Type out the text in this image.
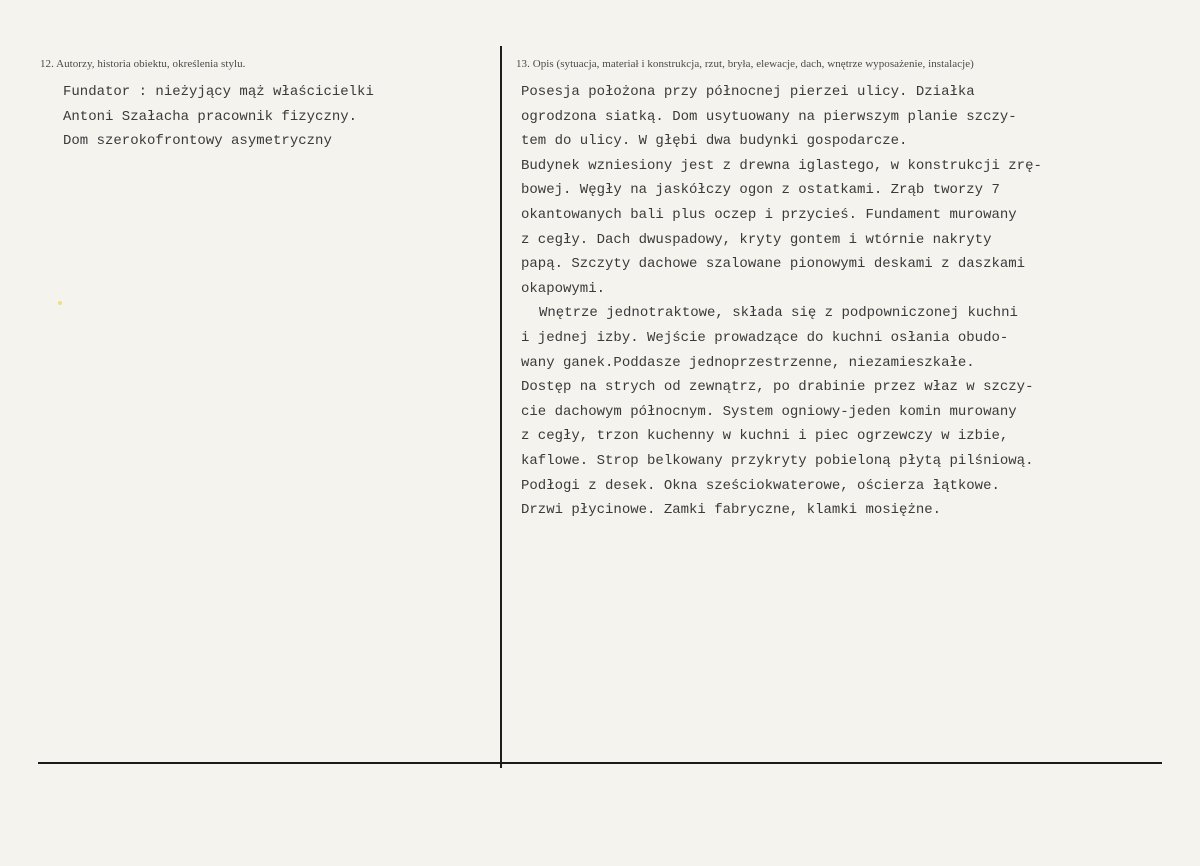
12. Autorzy, historia obiektu, określenia stylu.
Fundator : nieżyjący mąż właścicielki
Antoni Szałacha pracownik fizyczny.
Dom szerokofrontowy asymetryczny
13. Opis (sytuacja, materiał i konstrukcja, rzut, bryła, elewacje, dach, wnętrze wyposażenie, instalacje)
Posesja położona przy północnej pierzei ulicy. Działka
ogrodzona siatką. Dom usytuowany na pierwszym planie szczy-
tem do ulicy. W głębi dwa budynki gospodarcze.
Budynek wzniesiony jest z drewna iglastego, w konstrukcji zrę-
bowej. Węgły na jaskółczy ogon z ostatkami. Zrąb tworzy 7
okantowanych bali plus oczep i przycieś. Fundament murowany
z cegły. Dach dwuspadowy, kryty gontem i wtórnie nakryty
papą. Szczyty dachowe szalowane pionowymi deskami z daszkami
okapowymi.
Wnętrze jednotraktowe, składa się z podpowniczonej kuchni
i jednej izby. Wejście prowadzące do kuchni osłania obudo-
wany ganek.Poddasze jednoprzestrzenne, niezamieszkałe.
Dostęp na strych od zewnątrz, po drabinie przez właz w szczy-
cie dachowym północnym. System ogniowy-jeden komin murowany
z cegły, trzon kuchenny w kuchni i piec ogrzewczy w izbie,
kaflowe. Strop belkowany przykryty pobieloną płytą pilśniową.
Podłogi z desek. Okna sześciokwaterowe, ościerza łątkowe.
Drzwi płycinowe. Zamki fabryczne, klamki mosiężne.
